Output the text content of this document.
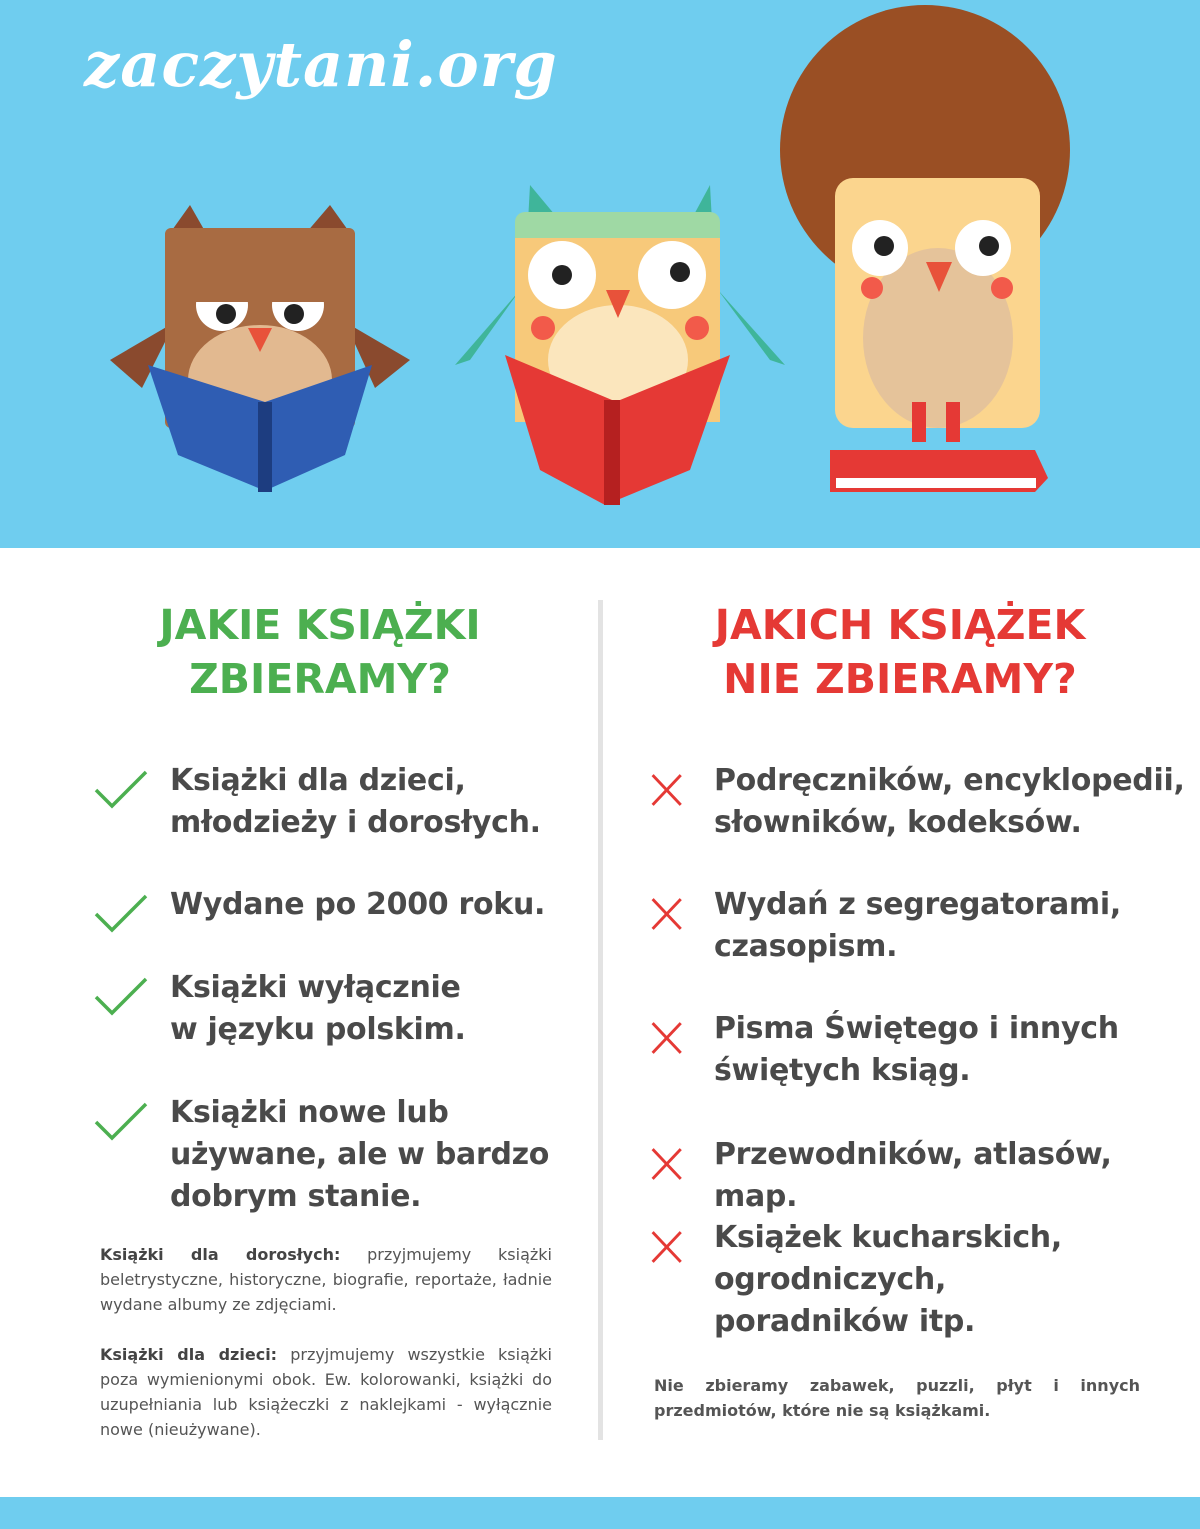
zaczytani.org
JAKIE KSIĄŻKI
ZBIERAMY?
Książki dla dzieci,
młodzieży i dorosłych.
Wydane po 2000 roku.
Książki wyłącznie
w języku polskim.
Książki nowe lub
używane, ale w bardzo
dobrym stanie.
Książki dla dorosłych: przyjmujemy książki beletrystyczne, historyczne, biografie, reportaże, ładnie wydane albumy ze zdjęciami.
Książki dla dzieci: przyjmujemy wszystkie książki poza wymienionymi obok. Ew. kolorowanki, książki do uzupełniania lub książeczki z naklejkami - wyłącznie nowe (nieużywane).
JAKICH KSIĄŻEK
NIE ZBIERAMY?
Podręczników, encyklopedii,
słowników, kodeksów.
Wydań z segregatorami,
czasopism.
Pisma Świętego i innych
świętych ksiąg.
Przewodników, atlasów, map.
Książek kucharskich,
ogrodniczych,
poradników itp.
Nie zbieramy zabawek, puzzli, płyt i innych przedmiotów, które nie są książkami.
